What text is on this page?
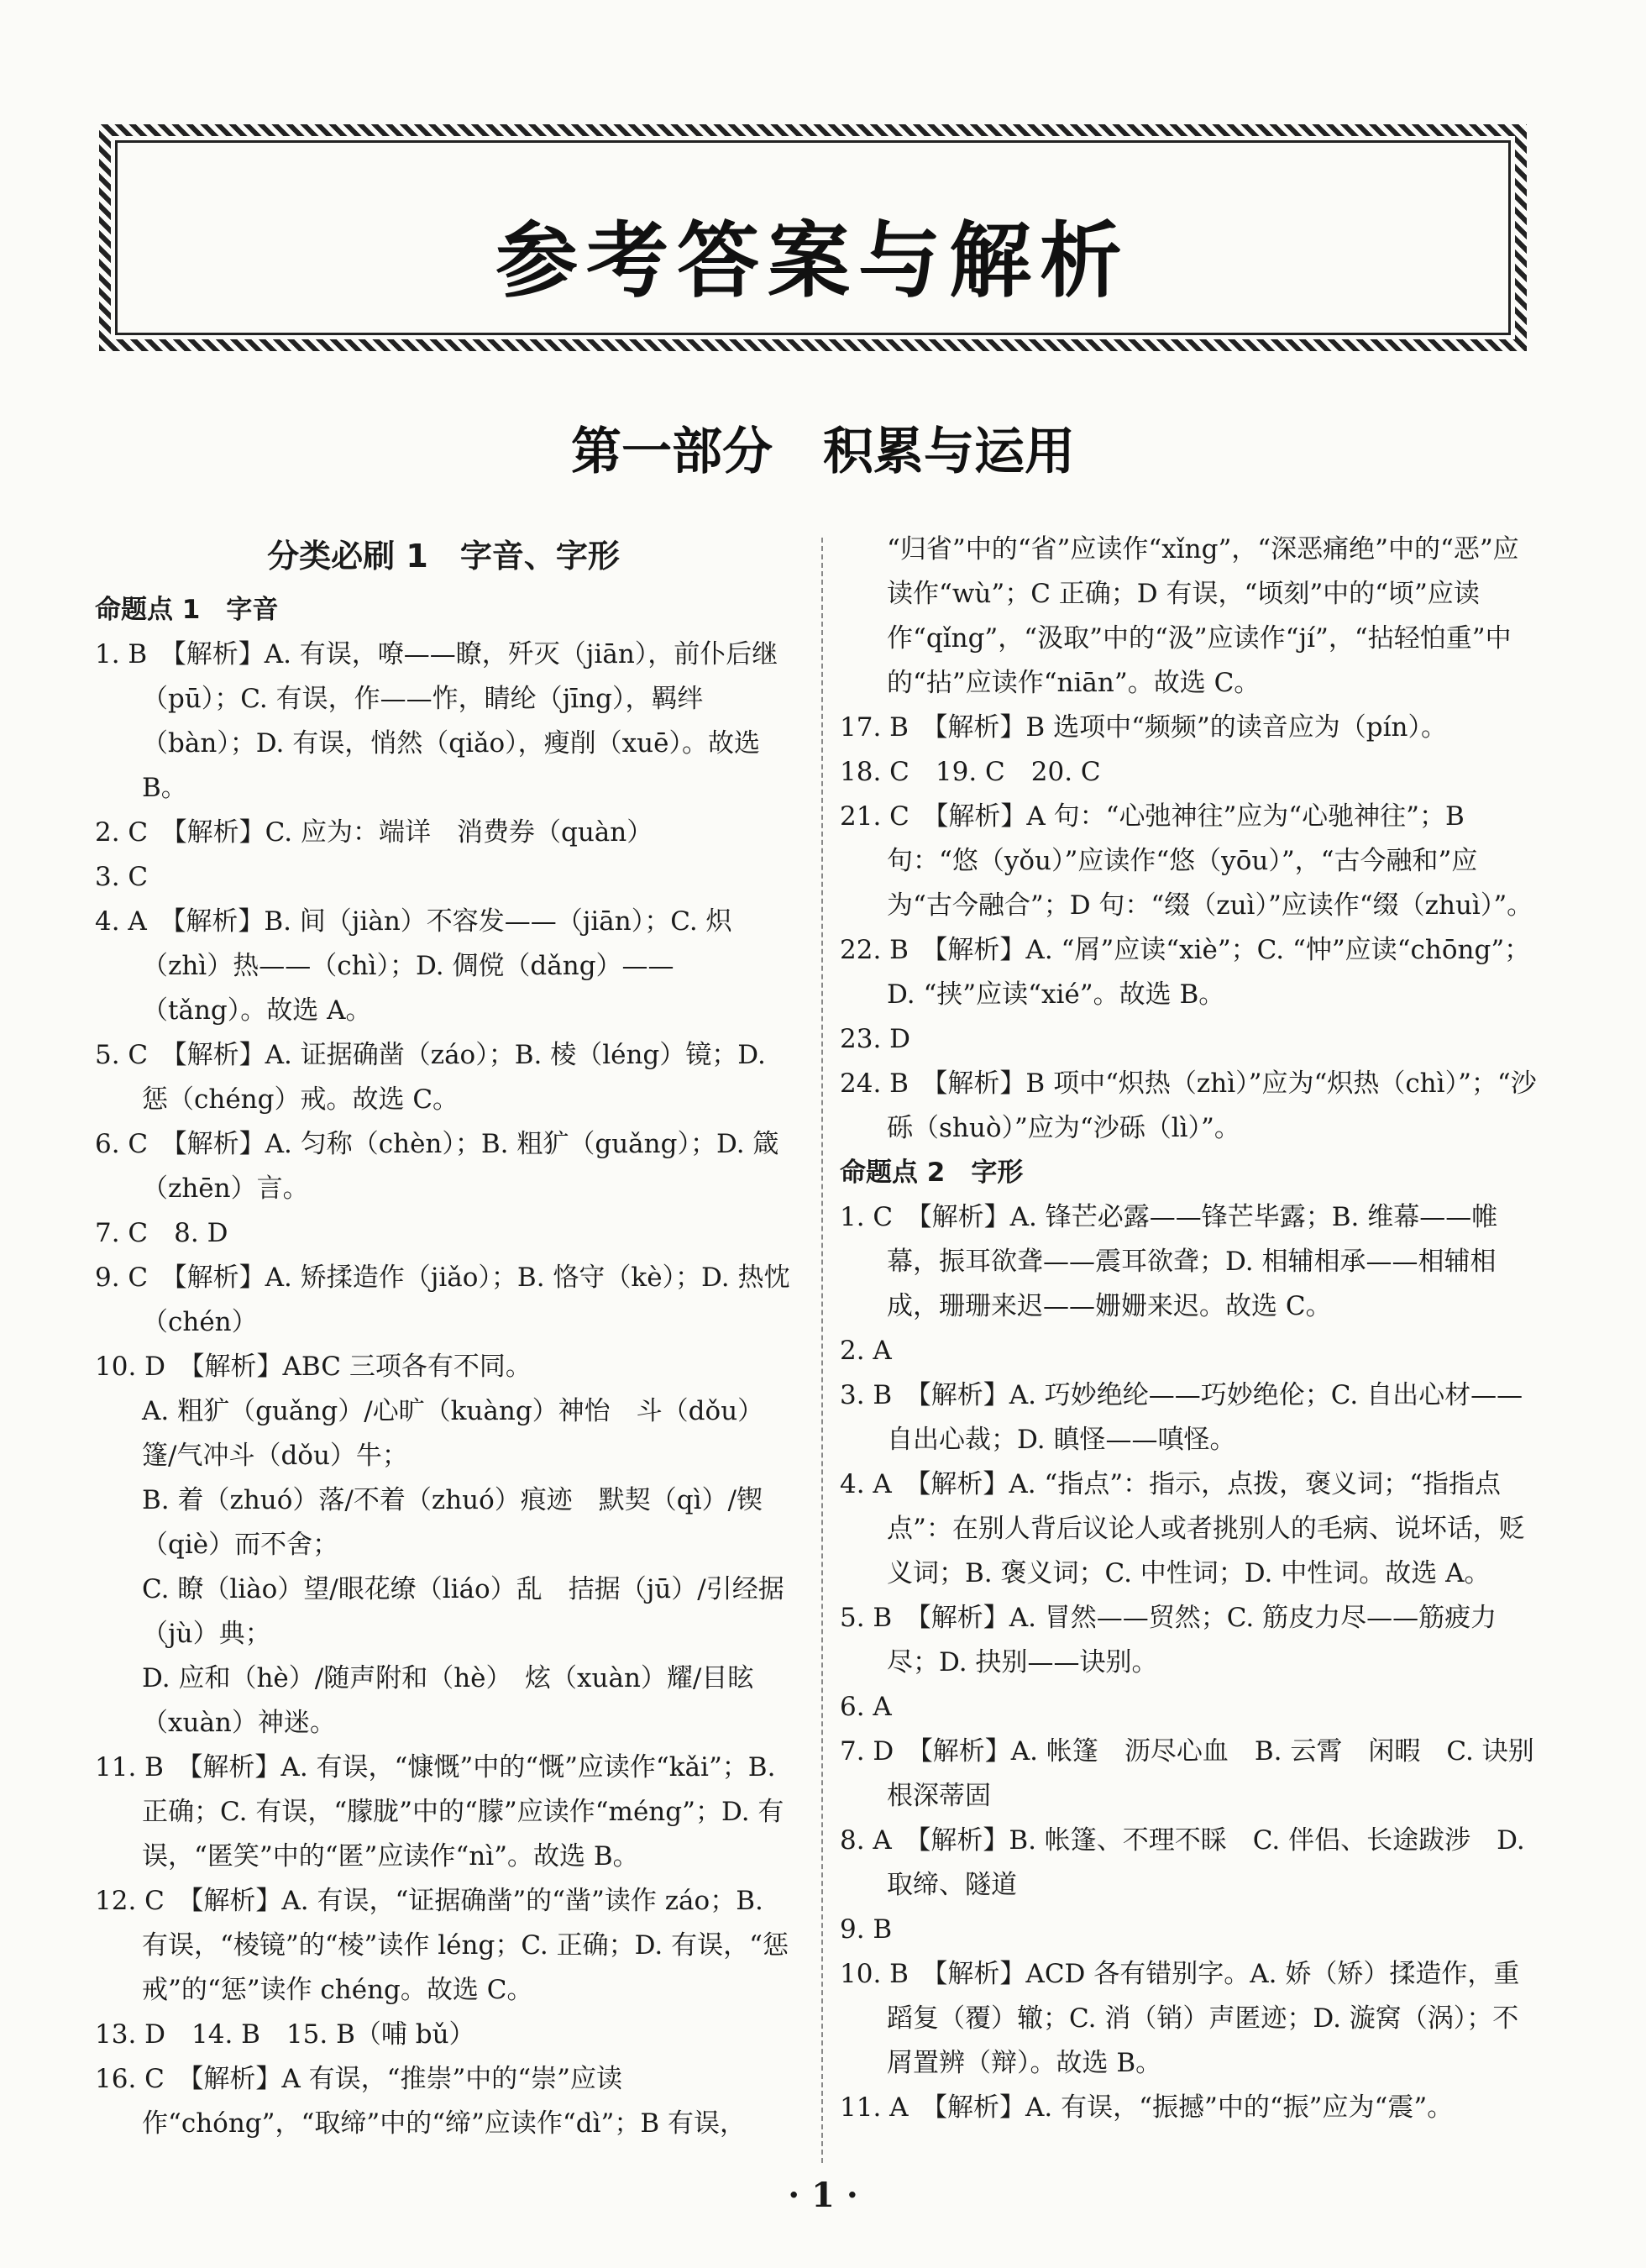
参考答案与解析
第一部分　积累与运用
分类必刷 1　字音、字形
命题点 1　字音

1. B　【解析】A. 有误，嘹——瞭，歼灭（jiān），前仆后继（pū）；C. 有误，作——怍，睛纶（jīng），羁绊（bàn）；D. 有误，悄然（qiǎo），瘦削（xuē）。故选 B。

2. C　【解析】C. 应为：端详　消费券（quàn）

3. C

4. A　【解析】B. 间（jiàn）不容发——（jiān）；C. 炽（zhì）热——（chì）；D. 倜傥（dǎng）——（tǎng）。故选 A。

5. C　【解析】A. 证据确凿（záo）；B. 棱（léng）镜；D. 惩（chéng）戒。故选 C。

6. C　【解析】A. 匀称（chèn）；B. 粗犷（guǎng）；D. 箴（zhēn）言。

7. C　8. D

9. C　【解析】A. 矫揉造作（jiǎo）；B. 恪守（kè）；D. 热忱（chén）

10. D　【解析】ABC 三项各有不同。

A. 粗犷（guǎng）/心旷（kuàng）神怡　斗（dǒu）篷/气冲斗（dǒu）牛；

B. 着（zhuó）落/不着（zhuó）痕迹　默契（qì）/锲（qiè）而不舍；

C. 瞭（liào）望/眼花缭（liáo）乱　拮据（jū）/引经据（jù）典；

D. 应和（hè）/随声附和（hè）　炫（xuàn）耀/目眩（xuàn）神迷。

11. B　【解析】A. 有误，“慷慨”中的“慨”应读作“kǎi”；B. 正确；C. 有误，“朦胧”中的“朦”应读作“méng”；D. 有误，“匿笑”中的“匿”应读作“nì”。故选 B。

12. C　【解析】A. 有误，“证据确凿”的“凿”读作 záo；B. 有误，“棱镜”的“棱”读作 léng；C. 正确；D. 有误，“惩戒”的“惩”读作 chéng。故选 C。

13. D　14. B　15. B（哺 bǔ）

16. C　【解析】A 有误，“推崇”中的“崇”应读作“chóng”，“取缔”中的“缔”应读作“dì”；B 有误，

“归省”中的“省”应读作“xǐng”，“深恶痛绝”中的“恶”应读作“wù”；C 正确；D 有误，“顷刻”中的“顷”应读作“qǐng”，“汲取”中的“汲”应读作“jí”，“拈轻怕重”中的“拈”应读作“niān”。故选 C。

17. B　【解析】B 选项中“频频”的读音应为（pín）。

18. C　19. C　20. C

21. C　【解析】A 句：“心弛神往”应为“心驰神往”；B 句：“悠（yǒu）”应读作“悠（yōu）”，“古今融和”应为“古今融合”；D 句：“缀（zuì）”应读作“缀（zhuì）”。

22. B　【解析】A. “屑”应读“xiè”；C. “忡”应读“chōng”；D. “挟”应读“xié”。故选 B。

23. D

24. B　【解析】B 项中“炽热（zhì）”应为“炽热（chì）”；“沙砾（shuò）”应为“沙砾（lì）”。

命题点 2　字形

1. C　【解析】A. 锋芒必露——锋芒毕露；B. 维幕——帷幕，振耳欲聋——震耳欲聋；D. 相辅相承——相辅相成，珊珊来迟——姗姗来迟。故选 C。

2. A

3. B　【解析】A. 巧妙绝纶——巧妙绝伦；C. 自出心材——自出心裁；D. 瞋怪——嗔怪。

4. A　【解析】A. “指点”：指示，点拨，褒义词；“指指点点”：在别人背后议论人或者挑别人的毛病、说坏话，贬义词；B. 褒义词；C. 中性词；D. 中性词。故选 A。

5. B　【解析】A. 冒然——贸然；C. 筋皮力尽——筋疲力尽；D. 抉别——诀别。

6. A

7. D　【解析】A. 帐篷　沥尽心血　B. 云霄　闲暇　C. 诀别　根深蒂固

8. A　【解析】B. 帐篷、不理不睬　C. 伴侣、长途跋涉　D. 取缔、隧道

9. B

10. B　【解析】ACD 各有错别字。A. 娇（矫）揉造作，重蹈复（覆）辙；C. 消（销）声匿迹；D. 漩窝（涡）；不屑置辨（辩）。故选 B。

11. A　【解析】A. 有误，“振撼”中的“振”应为“震”。

· 1 ·
